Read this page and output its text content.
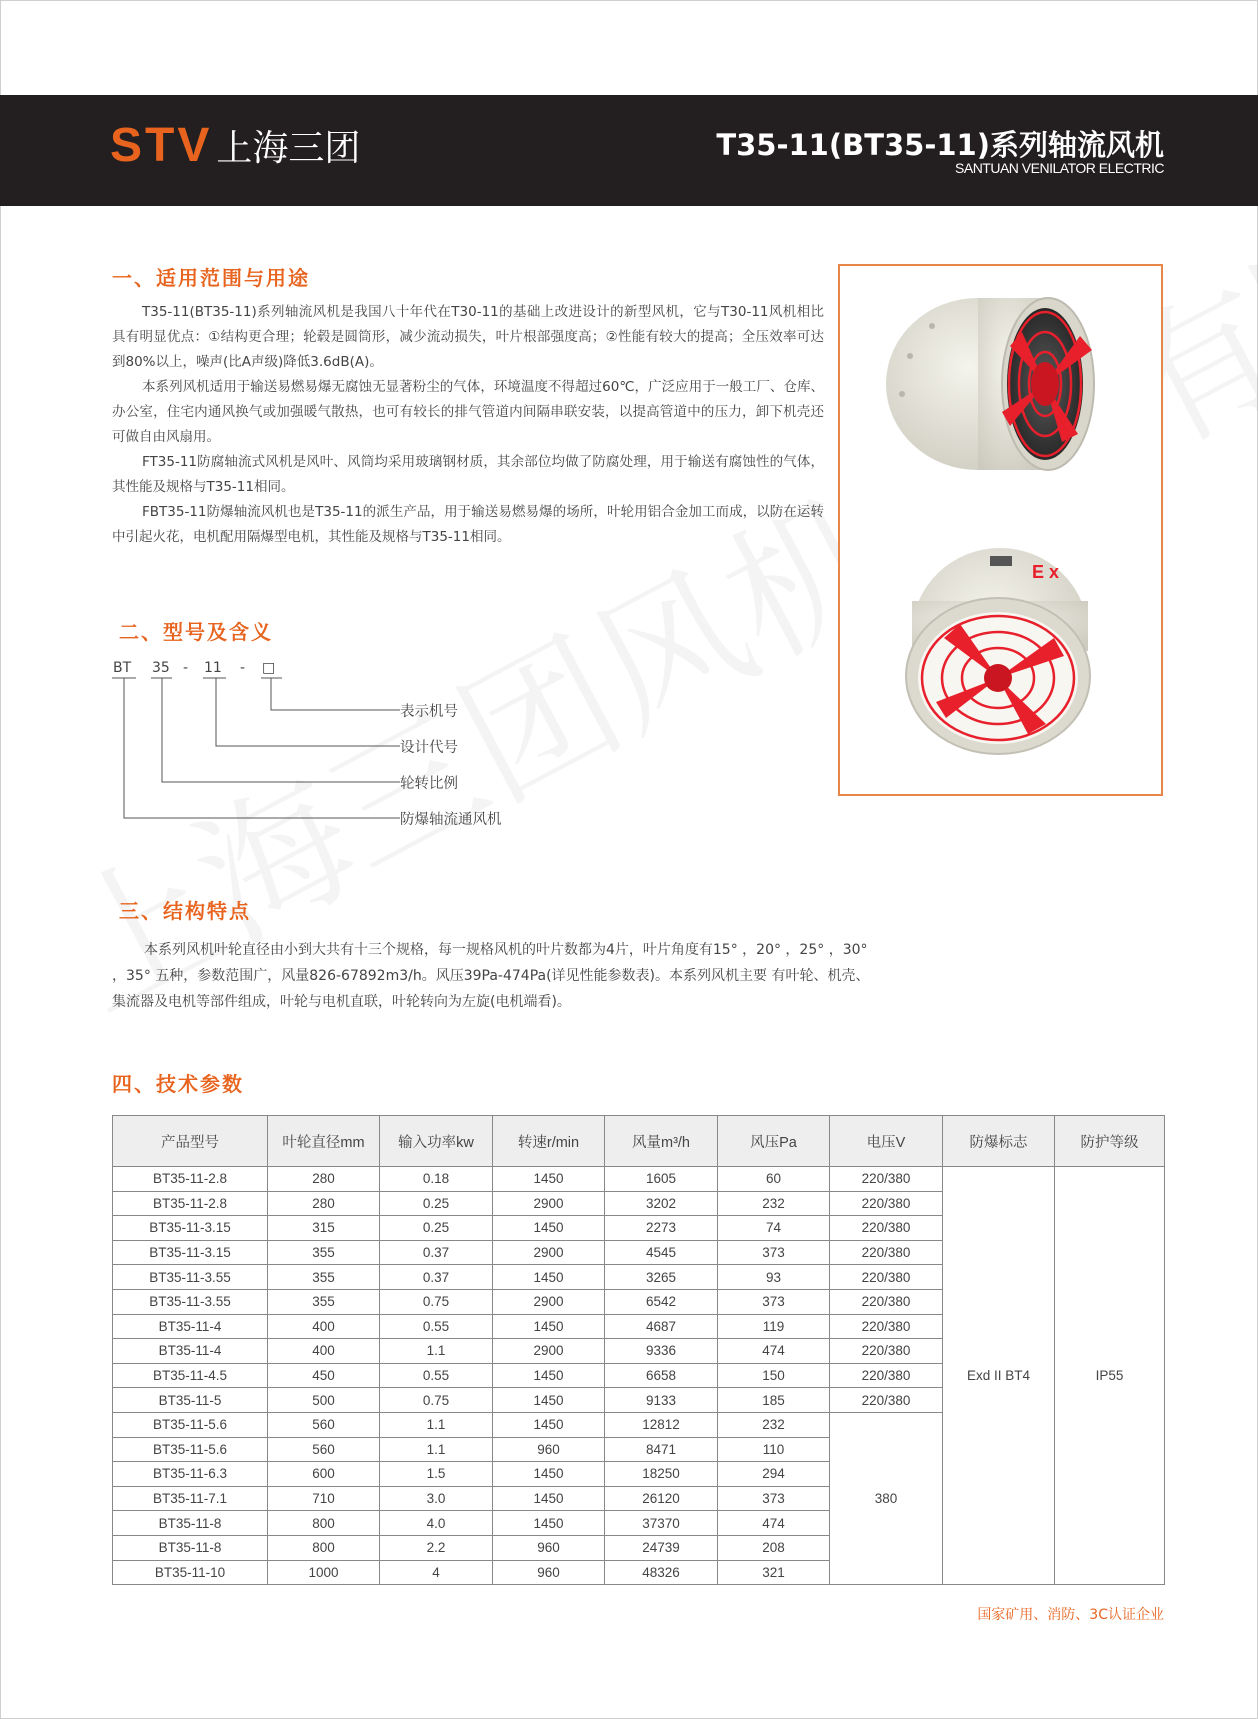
STV 上海三团	T35-11(BT35-11)系列轴流风机
SANTUAN VENILATOR ELECTRIC
一、适用范围与用途

T35-11(BT35-11)系列轴流风机是我国八十年代在T30-11的基础上改进设计的新型风机，它与T30-11风机相比具有明显优点：①结构更合理；轮毂是圆筒形，减少流动损失，叶片根部强度高；②性能有较大的提高；全压效率可达到80%以上，噪声(比A声级)降低3.6dB(A)。

本系列风机适用于输送易燃易爆无腐蚀无显著粉尘的气体，环境温度不得超过60℃，广泛应用于一般工厂、仓库、办公室，住宅内通风换气或加强暖气散热，也可有较长的排气管道内间隔串联安装，以提高管道中的压力，卸下机壳还可做自由风扇用。

FT35-11防腐轴流式风机是风叶、风筒均采用玻璃钢材质，其余部位均做了防腐处理，用于输送有腐蚀性的气体，其性能及规格与T35-11相同。

FBT35-11防爆轴流风机也是T35-11的派生产品，用于输送易燃易爆的场所，叶轮用铝合金加工而成，以防在运转中引起火花，电机配用隔爆型电机，其性能及规格与T35-11相同。

E x
二、型号及含义
BT 35 - 11 - □
表示机号
设计代号
轮转比例
防爆轴流通风机
三、结构特点

本系列风机叶轮直径由小到大共有十三个规格，每一规格风机的叶片数都为4片，叶片角度有15° ，20° ，25° ，30° ，35° 五种，参数范围广，风量826-67892m3/h。风压39Pa-474Pa(详见性能参数表)。本系列风机主要 有叶轮、机壳、集流器及电机等部件组成，叶轮与电机直联，叶轮转向为左旋(电机端看)。

四、技术参数
产品型号	叶轮直径mm	输入功率kw	转速r/min	风量m³/h	风压Pa	电压V	防爆标志	防护等级
BT35-11-2.8	280	0.18	1450	1605	60	220/380	Exd II BT4	IP55
BT35-11-2.8	280	0.25	2900	3202	232	220/380		
BT35-11-3.15	315	0.25	1450	2273	74	220/380		
BT35-11-3.15	355	0.37	2900	4545	373	220/380		
BT35-11-3.55	355	0.37	1450	3265	93	220/380		
BT35-11-3.55	355	0.75	2900	6542	373	220/380		
BT35-11-4	400	0.55	1450	4687	119	220/380		
BT35-11-4	400	1.1	2900	9336	474	220/380		
BT35-11-4.5	450	0.55	1450	6658	150	220/380		
BT35-11-5	500	0.75	1450	9133	185	220/380		
BT35-11-5.6	560	1.1	1450	12812	232	380		
BT35-11-5.6	560	1.1	960	8471	110			
BT35-11-6.3	600	1.5	1450	18250	294			
BT35-11-7.1	710	3.0	1450	26120	373			
BT35-11-8	800	4.0	1450	37370	474			
BT35-11-8	800	2.2	960	24739	208			
BT35-11-10	1000	4	960	48326	321			
国家矿用、消防、3C认证企业
